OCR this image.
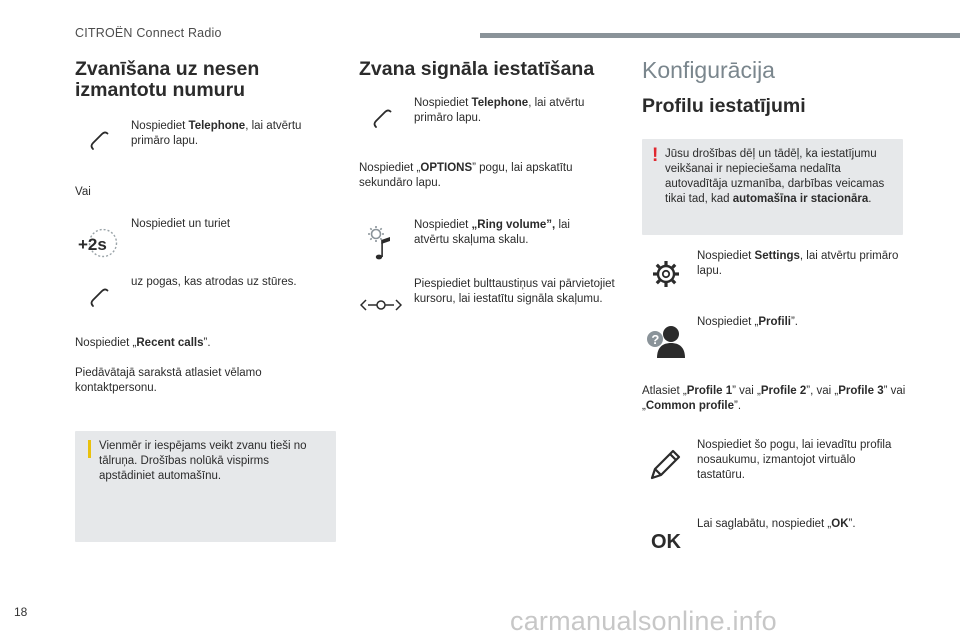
CITROËN Connect Radio
Zvanīšana uz nesen izmantotu numuru

Nospiediet Telephone, lai atvērtu primāro lapu.

Vai

+2s

Nospiediet un turiet

uz pogas, kas atrodas uz stūres.

Nospiediet „Recent calls”.

Piedāvātajā sarakstā atlasiet vēlamo kontaktpersonu.

Vienmēr ir iespējams veikt zvanu tieši no tālruņa. Drošības nolūkā vispirms apstādiniet automašīnu.

Zvana signāla iestatīšana

Nospiediet Telephone, lai atvērtu primāro lapu.

Nospiediet „OPTIONS” pogu, lai apskatītu sekundāro lapu.

Nospiediet „Ring volume”, lai atvērtu skaļuma skalu.

Piespiediet bulttaustiņus vai pārvietojiet kursoru, lai iestatītu signāla skaļumu.

Konfigurācija
Profilu iestatījumi
! Jūsu drošības dēļ un tādēļ, ka iestatījumu veikšanai ir nepieciešama nedalīta autovadītāja uzmanība, darbības veicamas tikai tad, kad automašīna ir stacionāra.

Nospiediet Settings, lai atvērtu primāro lapu.

?

Nospiediet „Profili”.

Atlasiet „Profile 1” vai „Profile 2”, vai „Profile 3” vai „Common profile”.

Nospiediet šo pogu, lai ievadītu profila nosaukumu, izmantojot virtuālo tastatūru.

Lai saglabātu, nospiediet „OK”.

OK
18	carmanualsonline.info
